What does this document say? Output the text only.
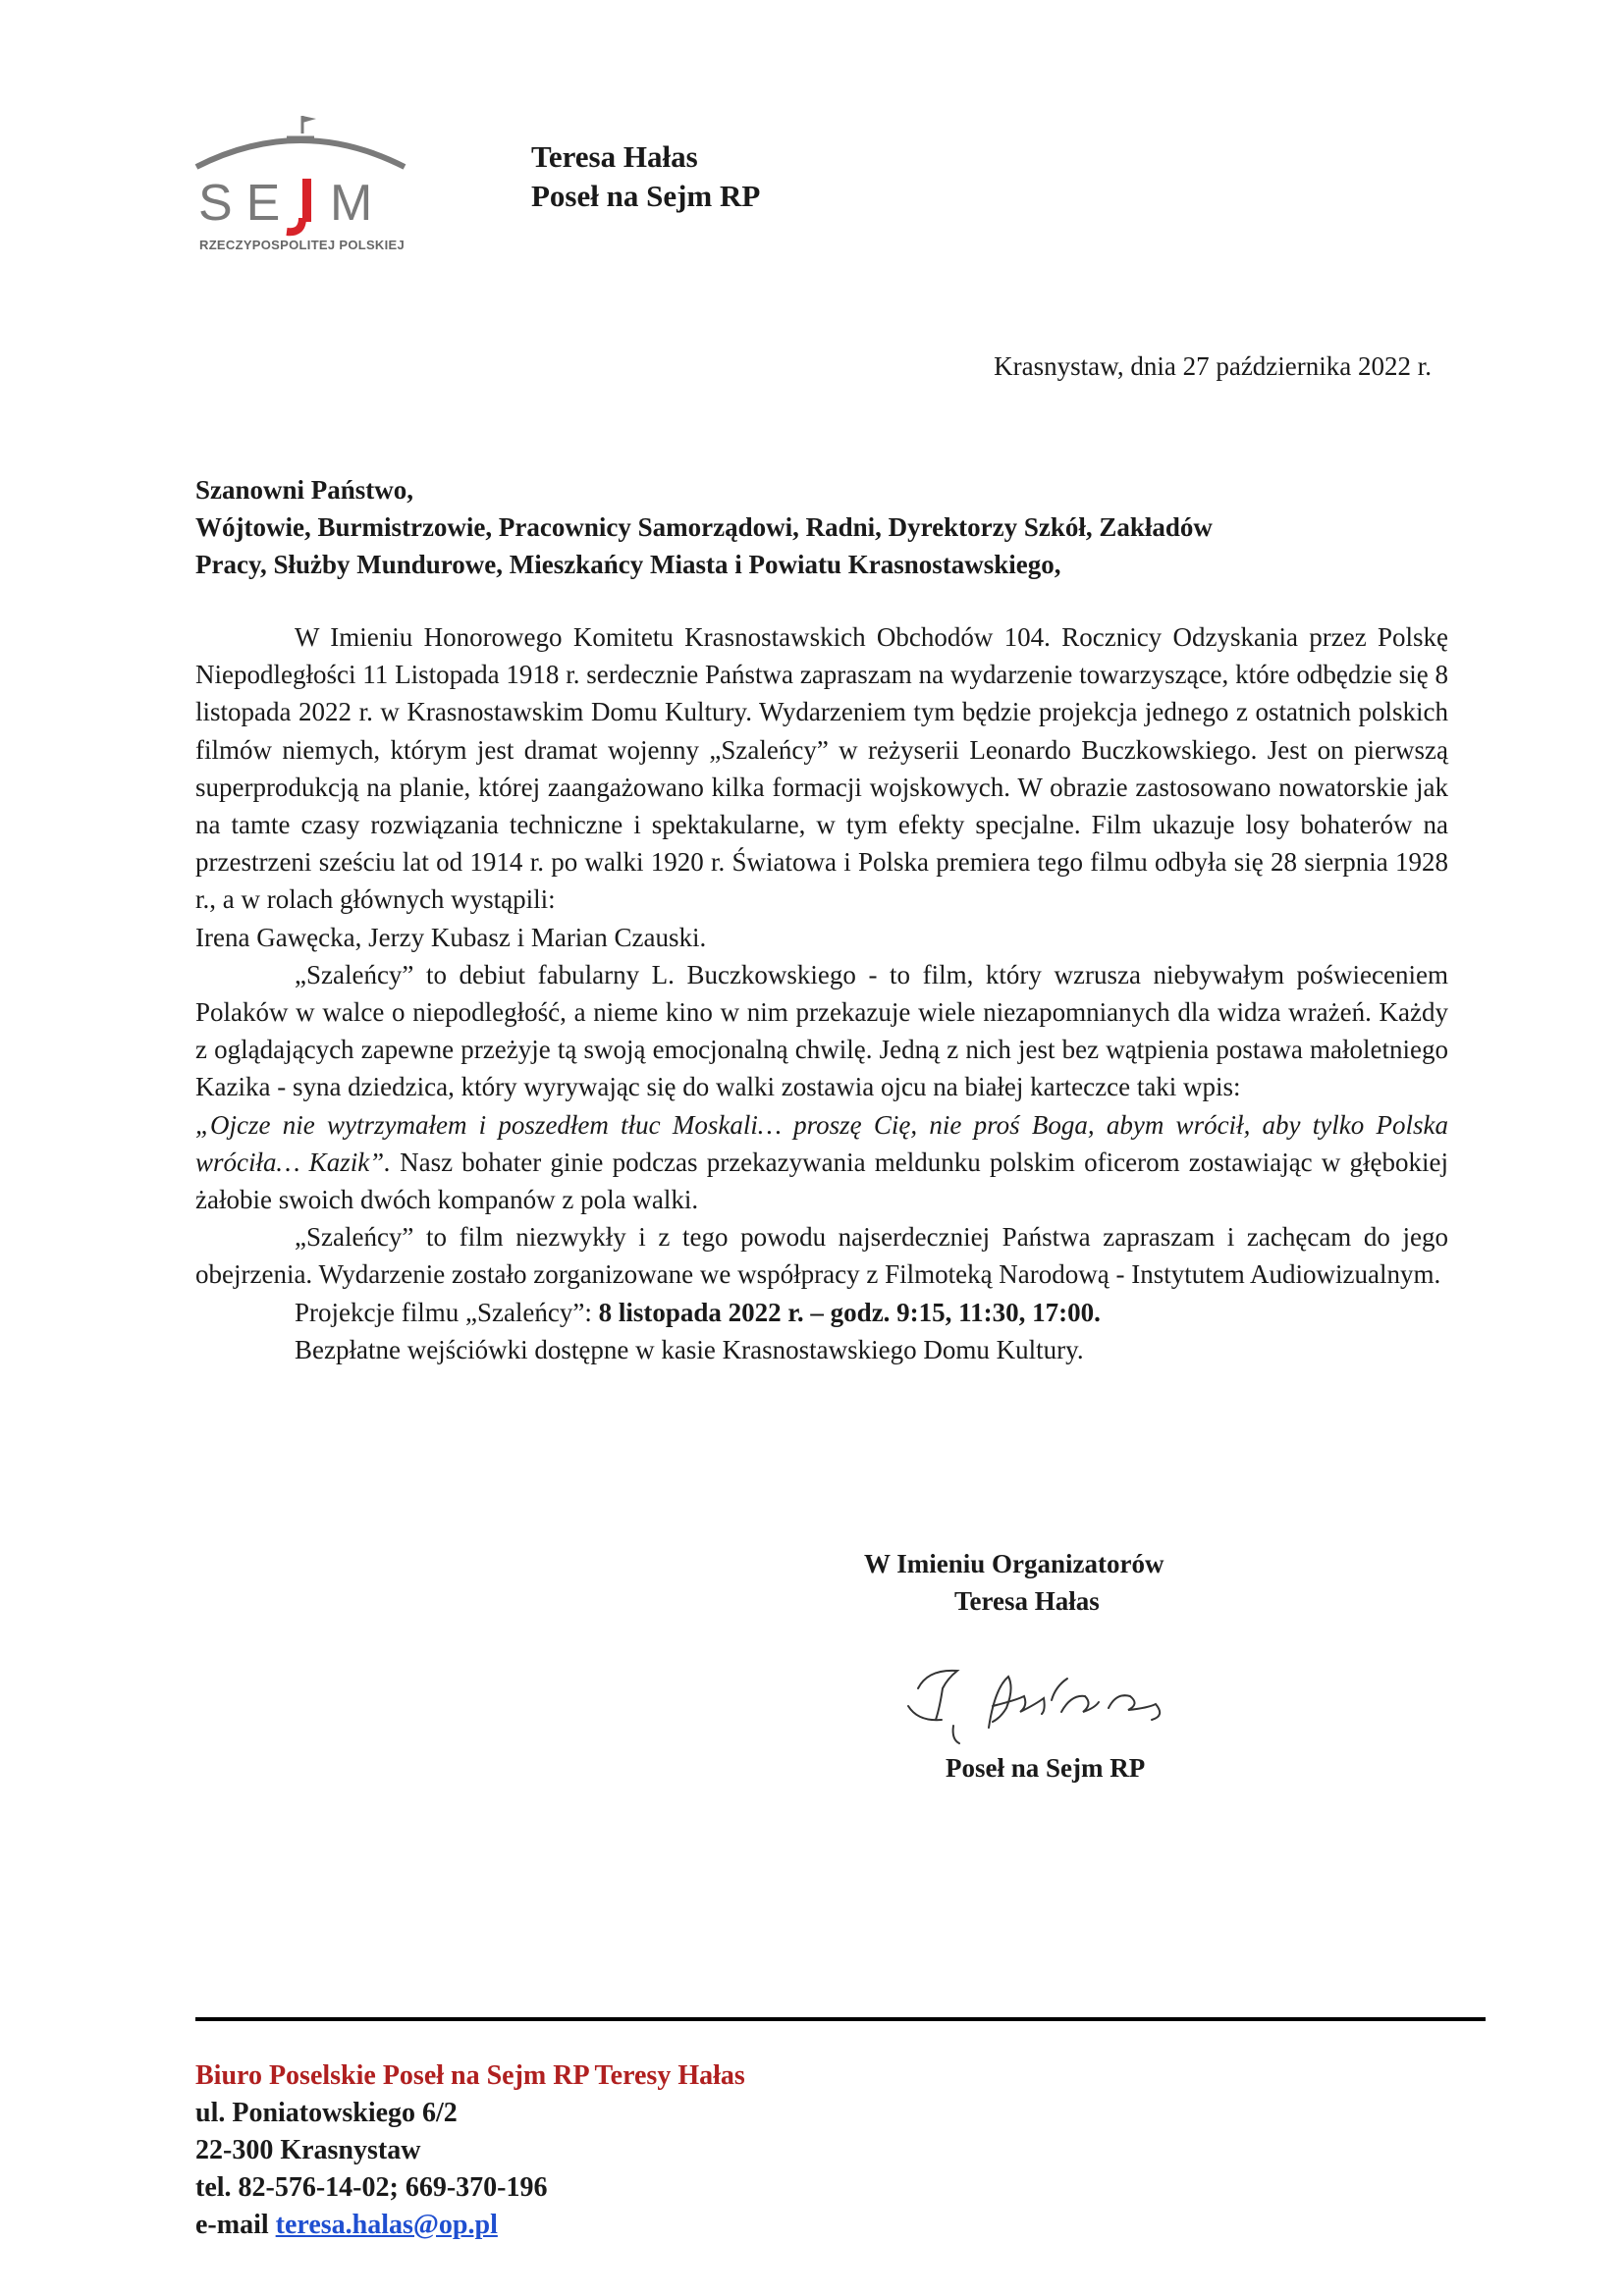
SE M
RZECZYPOSPOLITEJ POLSKIEJ
Teresa Hałas
Poseł na Sejm RP
Krasnystaw, dnia 27 października 2022 r.
Szanowni Państwo,
Wójtowie, Burmistrzowie, Pracownicy Samorządowi, Radni, Dyrektorzy Szkół, Zakładów
Pracy, Służby Mundurowe, Mieszkańcy Miasta i Powiatu Krasnostawskiego,

W Imieniu Honorowego Komitetu Krasnostawskich Obchodów 104. Rocznicy Odzyskania przez Polskę Niepodległości 11 Listopada 1918 r. serdecznie Państwa zapraszam na wydarzenie towarzyszące, które odbędzie się 8 listopada 2022 r. w Krasnostawskim Domu Kultury. Wydarzeniem tym będzie projekcja jednego z ostatnich polskich filmów niemych, którym jest dramat wojenny „Szaleńcy” w reżyserii Leonardo Buczkowskiego. Jest on pierwszą superprodukcją na planie, której zaangażowano kilka formacji wojskowych. W obrazie zastosowano nowatorskie jak na tamte czasy rozwiązania techniczne i spektakularne, w tym efekty specjalne. Film ukazuje losy bohaterów na przestrzeni sześciu lat od 1914 r. po walki 1920 r. Światowa i Polska premiera tego filmu odbyła się 28 sierpnia 1928 r., a w rolach głównych wystąpili:

Irena Gawęcka, Jerzy Kubasz i Marian Czauski.

„Szaleńcy” to debiut fabularny L. Buczkowskiego - to film, który wzrusza niebywałym poświeceniem Polaków w walce o niepodległość, a nieme kino w nim przekazuje wiele niezapomnianych dla widza wrażeń. Każdy z oglądających zapewne przeżyje tą swoją emocjonalną chwilę. Jedną z nich jest bez wątpienia postawa małoletniego Kazika - syna dziedzica, który wyrywając się do walki zostawia ojcu na białej karteczce taki wpis:

„Ojcze nie wytrzymałem i poszedłem tłuc Moskali… proszę Cię, nie proś Boga, abym wrócił, aby tylko Polska wróciła… Kazik”. Nasz bohater ginie podczas przekazywania meldunku polskim oficerom zostawiając w głębokiej żałobie swoich dwóch kompanów z pola walki.

„Szaleńcy” to film niezwykły i z tego powodu najserdeczniej Państwa zapraszam i zachęcam do jego obejrzenia. Wydarzenie zostało zorganizowane we współpracy z Filmoteką Narodową - Instytutem Audiowizualnym.

Projekcje filmu „Szaleńcy”: 8 listopada 2022 r. – godz. 9:15, 11:30, 17:00.

Bezpłatne wejściówki dostępne w kasie Krasnostawskiego Domu Kultury.

W Imieniu Organizatorów
Teresa Hałas
Poseł na Sejm RP
Biuro Poselskie Poseł na Sejm RP Teresy Hałas
ul. Poniatowskiego 6/2
22-300 Krasnystaw
tel. 82-576-14-02; 669-370-196
e-mail teresa.halas@op.pl
